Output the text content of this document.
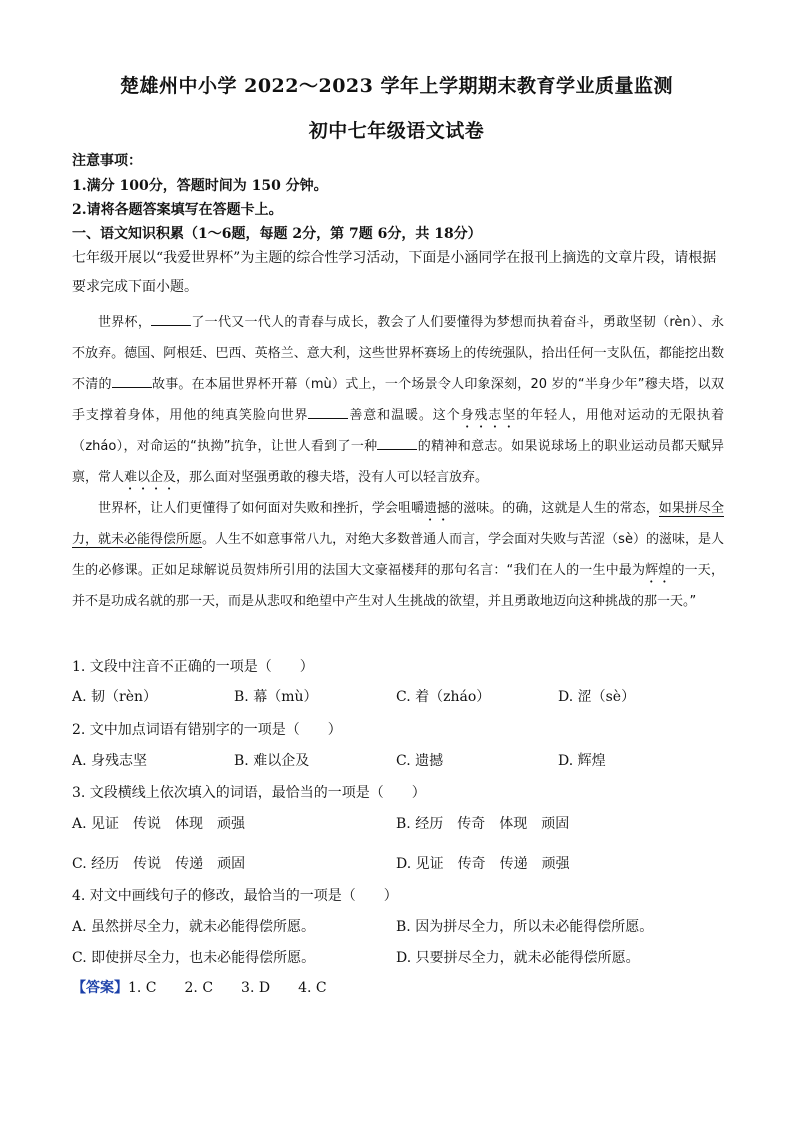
楚雄州中小学 2022～2023 学年上学期期末教育学业质量监测
初中七年级语文试卷
注意事项：
1.满分 100分，答题时间为 150 分钟。
2.请将各题答案填写在答题卡上。
一、语文知识积累（1～6题，每题 2分，第 7题 6分，共 18分）
七年级开展以“我爱世界杯”为主题的综合性学习活动，下面是小涵同学在报刊上摘选的文章片段，请根据要求完成下面小题。

世界杯，	了一代又一代人的青春与成长，教会了人们要懂得为梦想而执着奋斗，勇敢坚韧（rèn）、永不放弃。德国、阿根廷、巴西、英格兰、意大利，这些世界杯赛场上的传统强队，拾出任何一支队伍，都能挖出数不清的	故事。在本届世界杯开幕（mù）式上，一个场景令人印象深刻，20 岁的“半身少年”穆夫塔，以双手支撑着身体，用他的纯真笑脸向世界	善意和温暖。这个身残志坚的年轻人，用他对运动的无限执着（zháo），对命运的“执拗”抗争，让世人看到了一种	的精神和意志。如果说球场上的职业运动员都天赋异禀，常人难以企及，那么面对坚强勇敢的穆夫塔，没有人可以轻言放弃。

世界杯，让人们更懂得了如何面对失败和挫折，学会咀嚼遗撼的滋味。的确，这就是人生的常态，如果拼尽全力，就未必能得偿所愿。人生不如意事常八九，对绝大多数普通人而言，学会面对失败与苦涩（sè）的滋味，是人生的必修课。正如足球解说员贺炜所引用的法国大文豪福楼拜的那句名言：“我们在人的一生中最为辉煌的一天，并不是功成名就的那一天，而是从悲叹和绝望中产生对人生挑战的欲望，并且勇敢地迈向这种挑战的那一天。”

1. 文段中注音不正确的一项是（　　）
A. 韧（rèn）	B. 幕（mù）	C. 着（zháo）	D. 涩（sè）
2. 文中加点词语有错别字的一项是（　　）
A. 身残志坚	B. 难以企及	C. 遗撼	D. 辉煌
3. 文段横线上依次填入的词语，最恰当的一项是（　　）
A. 见证　传说　体现　顽强	B. 经历　传奇　体现　顽固
C. 经历　传说　传递　顽固	D. 见证　传奇　传递　顽强
4. 对文中画线句子的修改，最恰当的一项是（　　）
A. 虽然拼尽全力，就未必能得偿所愿。	B. 因为拼尽全力，所以未必能得偿所愿。
C. 即使拼尽全力，也未必能得偿所愿。	D. 只要拼尽全力，就未必能得偿所愿。
【答案】1. C　　2. C　　3. D　　4. C
